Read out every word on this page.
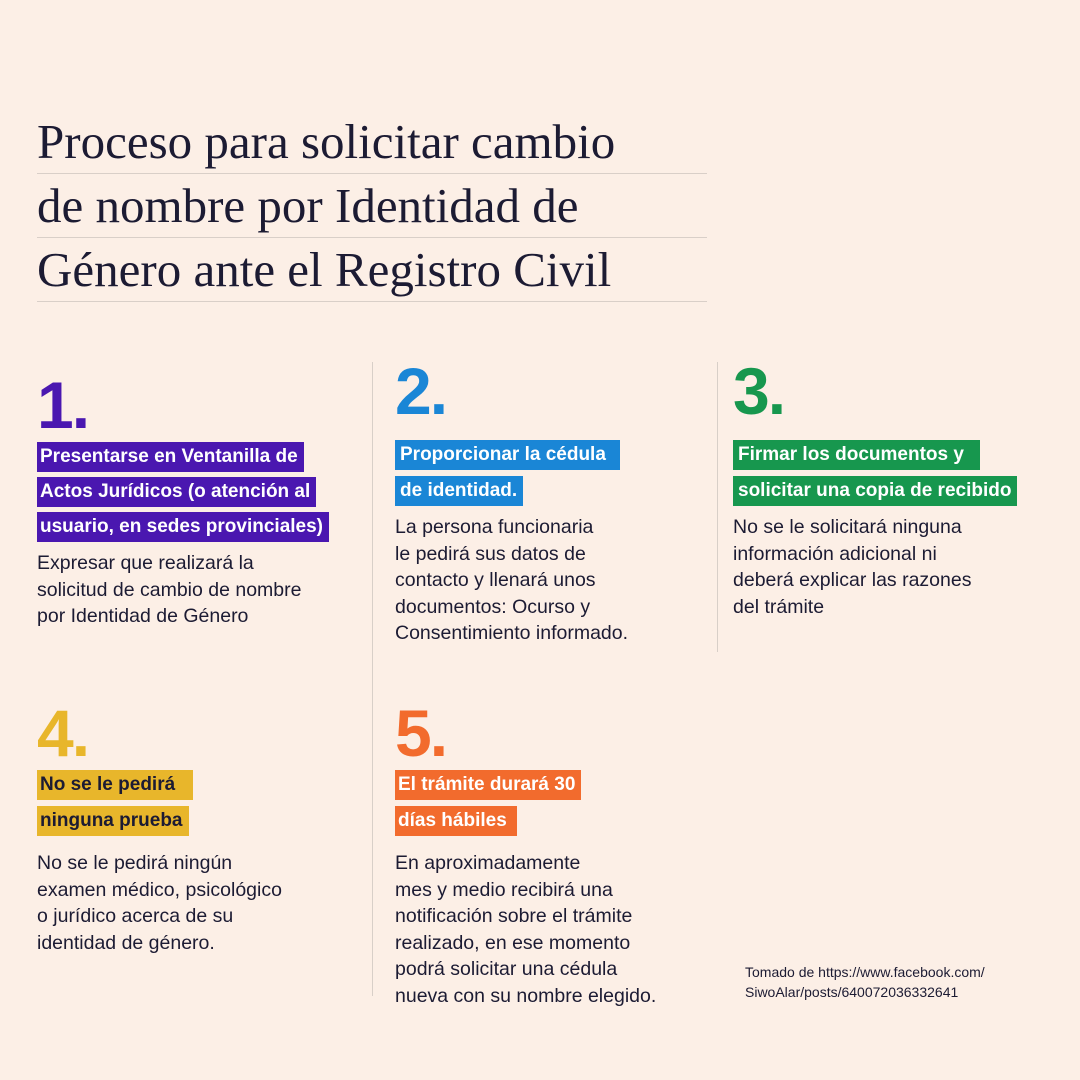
Proceso para solicitar cambio
de nombre por Identidad de
Género ante el Registro Civil
1.
Presentarse en Ventanilla de
Actos Jurídicos (o atención al
usuario, en sedes provinciales)
Expresar que realizará la
solicitud de cambio de nombre
por Identidad de Género
2.
Proporcionar la cédula
de identidad.
La persona funcionaria
le pedirá sus datos de
contacto y llenará unos
documentos: Ocurso y
Consentimiento informado.
3.
Firmar los documentos y
solicitar una copia de recibido
No se le solicitará ninguna
información adicional ni
deberá explicar las razones
del trámite
4.
No se le pedirá
ninguna prueba
No se le pedirá ningún
examen médico, psicológico
o jurídico acerca de su
identidad de género.
5.
El trámite durará 30
días hábiles
En aproximadamente
mes y medio recibirá una
notificación sobre el trámite
realizado, en ese momento
podrá solicitar una cédula
nueva con su nombre elegido.
Tomado de https://www.facebook.com/
SiwoAlar/posts/640072036332641
